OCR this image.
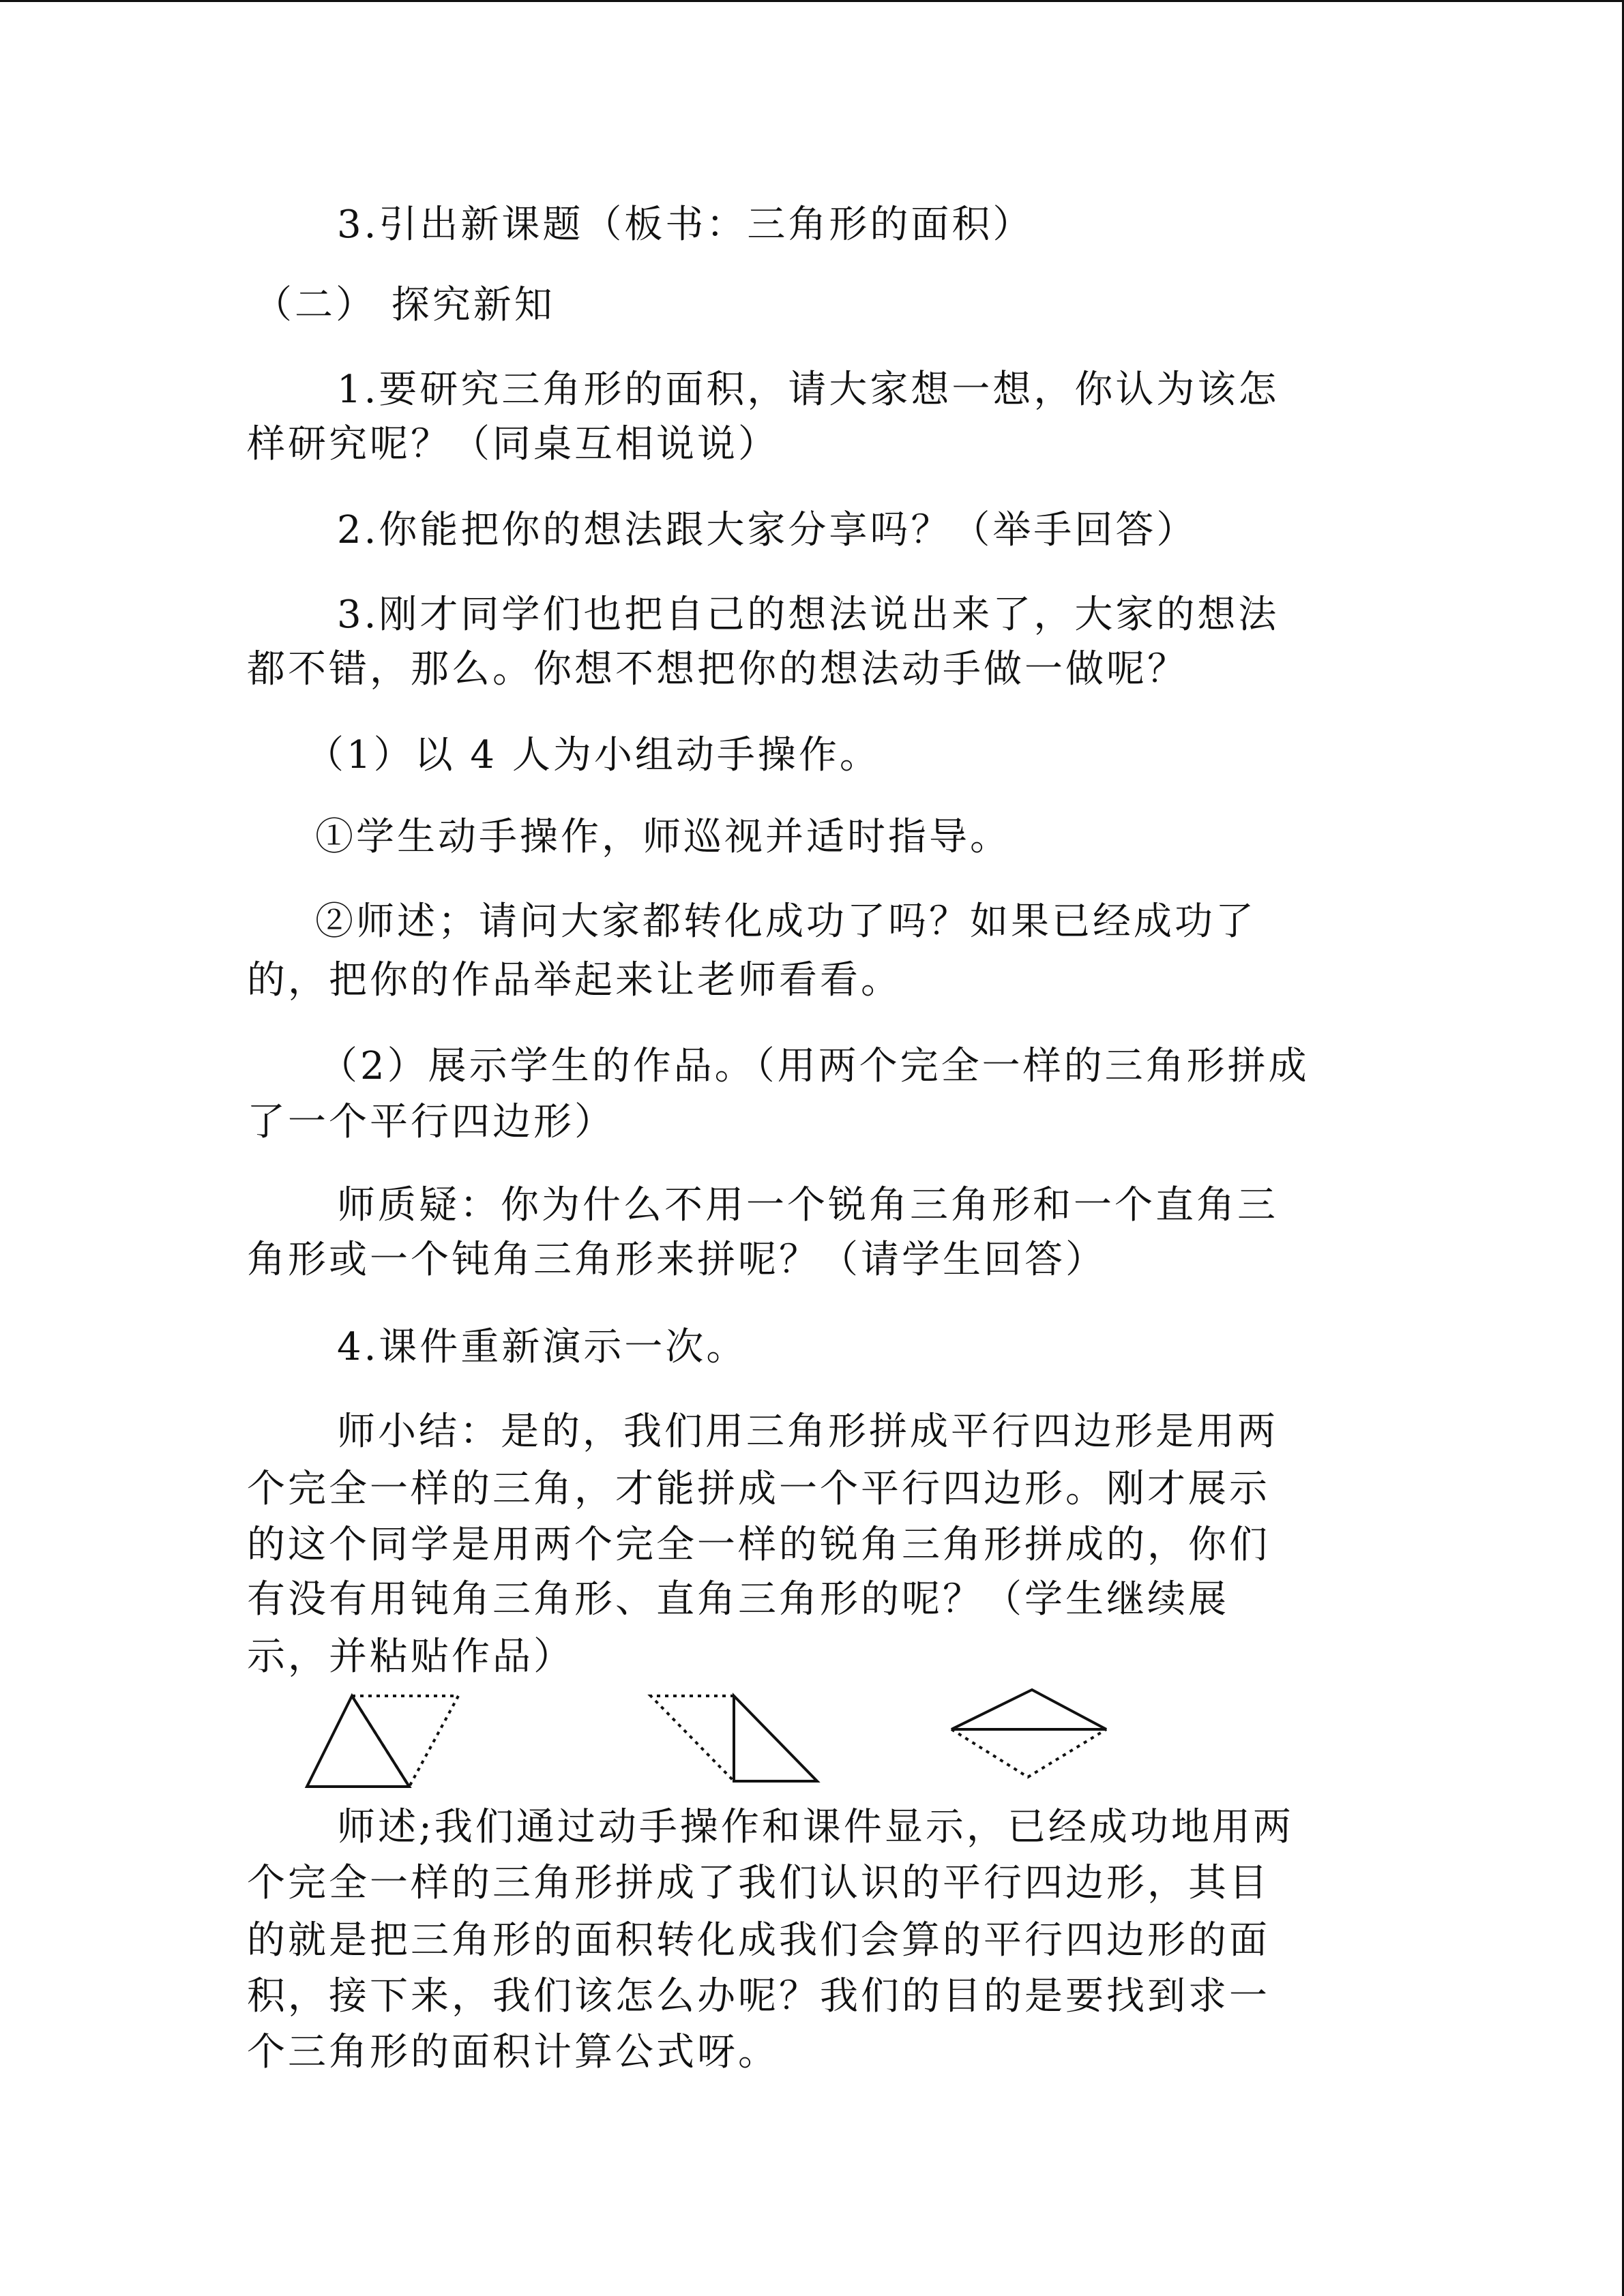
3.引出新课题（板书：三角形的面积）
（二） 探究新知
1.要研究三角形的面积，请大家想一想，你认为该怎
样研究呢？（同桌互相说说）
2.你能把你的想法跟大家分享吗？（举手回答）
3.刚才同学们也把自己的想法说出来了，大家的想法
都不错，那么。你想不想把你的想法动手做一做呢？
（1）以 4 人为小组动手操作。
①学生动手操作，师巡视并适时指导。
②师述；请问大家都转化成功了吗？如果已经成功了
的，把你的作品举起来让老师看看。
（2）展示学生的作品。（用两个完全一样的三角形拼成
了一个平行四边形）
师质疑：你为什么不用一个锐角三角形和一个直角三
角形或一个钝角三角形来拼呢？（请学生回答）
4.课件重新演示一次。
师小结：是的，我们用三角形拼成平行四边形是用两
个完全一样的三角，才能拼成一个平行四边形。刚才展示
的这个同学是用两个完全一样的锐角三角形拼成的，你们
有没有用钝角三角形、直角三角形的呢？（学生继续展
示，并粘贴作品）
师述;我们通过动手操作和课件显示，已经成功地用两
个完全一样的三角形拼成了我们认识的平行四边形，其目
的就是把三角形的面积转化成我们会算的平行四边形的面
积，接下来，我们该怎么办呢？我们的目的是要找到求一
个三角形的面积计算公式呀。
